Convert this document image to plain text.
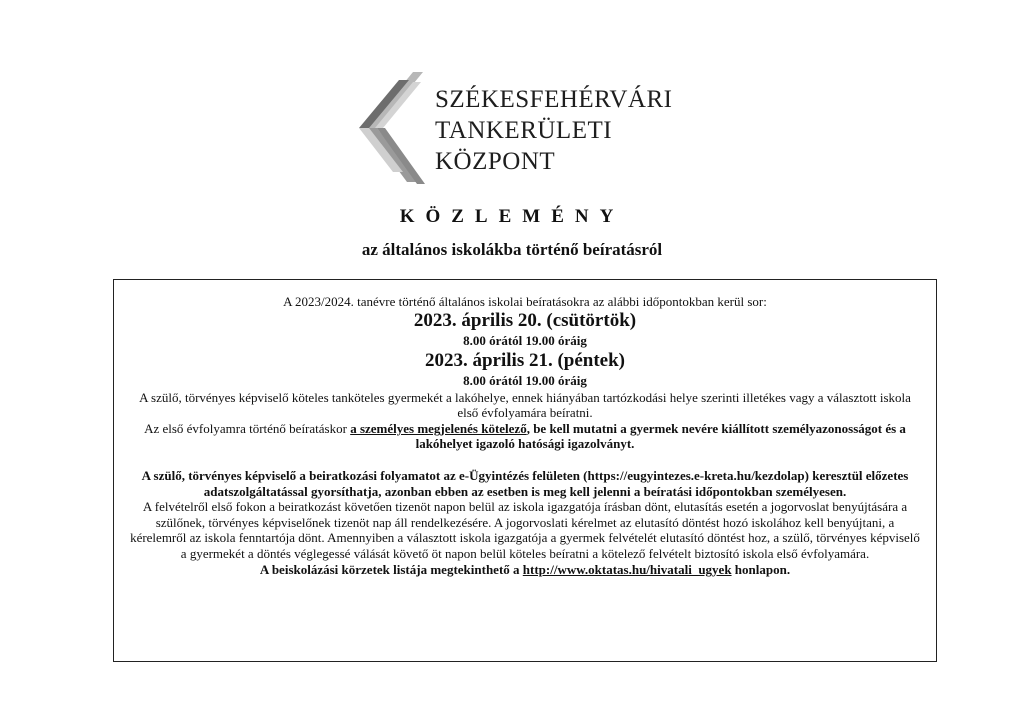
SZÉKESFEHÉRVÁRI
TANKERÜLETI
KÖZPONT
KÖZLEMÉNY
az általános iskolákba történő beíratásról

A 2023/2024. tanévre történő általános iskolai beíratásokra az alábbi időpontokban kerül sor:

2023. április 20. (csütörtök)

8.00 órától 19.00 óráig

2023. április 21. (péntek)

8.00 órától 19.00 óráig

A szülő, törvényes képviselő köteles tanköteles gyermekét a lakóhelye, ennek hiányában tartózkodási helye szerinti illetékes vagy a választott iskola első évfolyamára beíratni.

Az első évfolyamra történő beíratáskor a személyes megjelenés kötelező, be kell mutatni a gyermek nevére kiállított személyazonosságot és a lakóhelyet igazoló hatósági igazolványt.

A szülő, törvényes képviselő a beiratkozási folyamatot az e-Ügyintézés felületen (https://eugyintezes.e-kreta.hu/kezdolap) keresztül előzetes adatszolgáltatással gyorsíthatja, azonban ebben az esetben is meg kell jelenni a beíratási időpontokban személyesen.

A felvételről első fokon a beiratkozást követően tizenöt napon belül az iskola igazgatója írásban dönt, elutasítás esetén a jogorvoslat benyújtására a szülőnek, törvényes képviselőnek tizenöt nap áll rendelkezésére. A jogorvoslati kérelmet az elutasító döntést hozó iskolához kell benyújtani, a kérelemről az iskola fenntartója dönt. Amennyiben a választott iskola igazgatója a gyermek felvételét elutasító döntést hoz, a szülő, törvényes képviselő a gyermekét a döntés véglegessé válását követő öt napon belül köteles beíratni a kötelező felvételt biztosító iskola első évfolyamára.

A beiskolázási körzetek listája megtekinthető a http://www.oktatas.hu/hivatali_ugyek honlapon.
